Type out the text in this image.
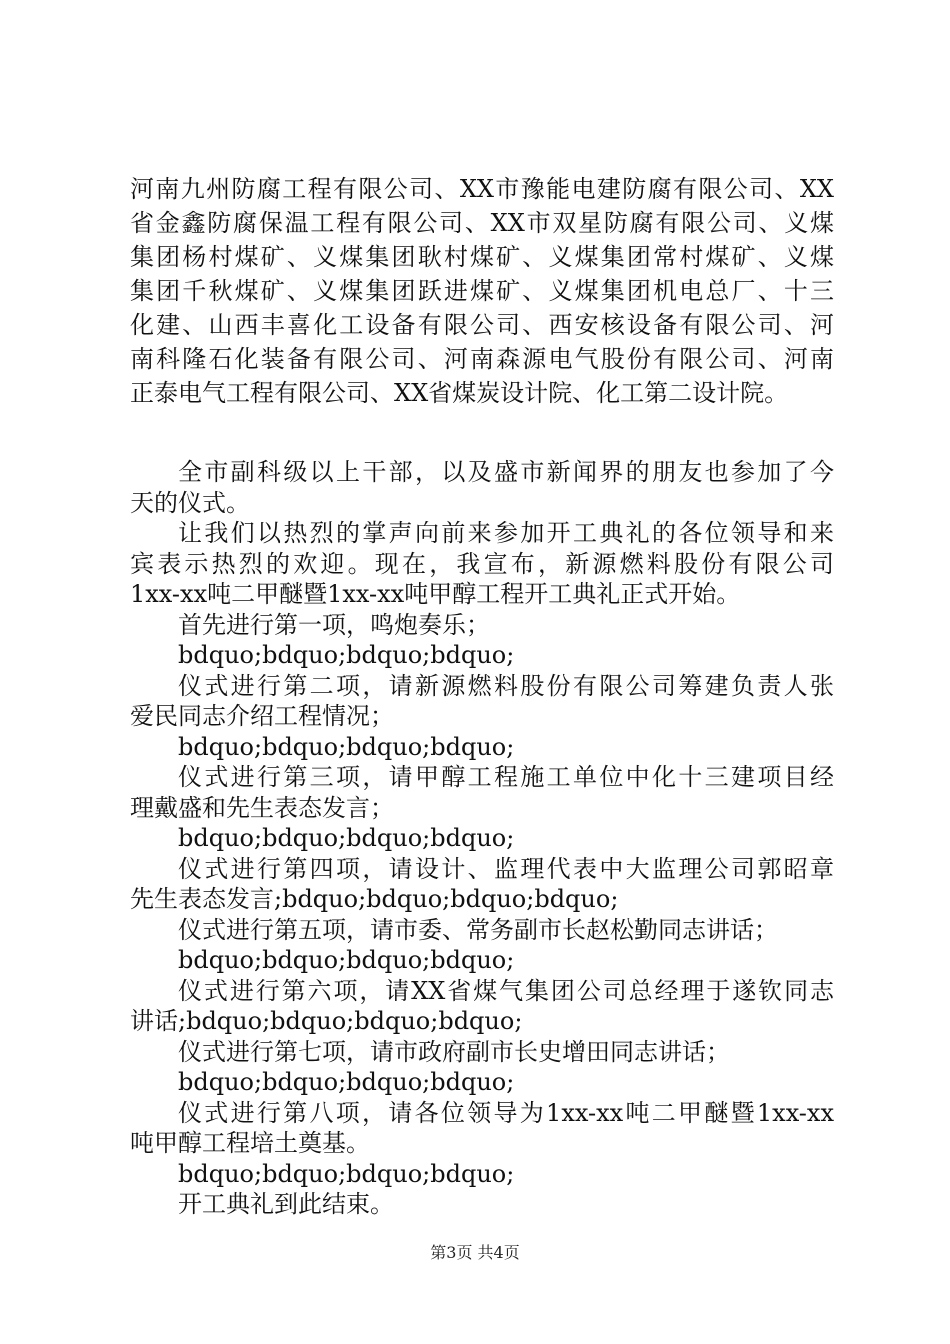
河南九州防腐工程有限公司、XX市豫能电建防腐有限公司、XX
省金鑫防腐保温工程有限公司、XX市双星防腐有限公司、义煤
集团杨村煤矿、义煤集团耿村煤矿、义煤集团常村煤矿、义煤
集团千秋煤矿、义煤集团跃进煤矿、义煤集团机电总厂、十三
化建、山西丰喜化工设备有限公司、西安核设备有限公司、河
南科隆石化装备有限公司、河南森源电气股份有限公司、河南
正泰电气工程有限公司、XX省煤炭设计院、化工第二设计院。
全市副科级以上干部，以及盛市新闻界的朋友也参加了今
天的仪式。
让我们以热烈的掌声向前来参加开工典礼的各位领导和来
宾表示热烈的欢迎。现在，我宣布，新源燃料股份有限公司
1xx-xx吨二甲醚暨1xx-xx吨甲醇工程开工典礼正式开始。
首先进行第一项，鸣炮奏乐；
bdquo;bdquo;bdquo;bdquo;
仪式进行第二项，请新源燃料股份有限公司筹建负责人张
爱民同志介绍工程情况；
bdquo;bdquo;bdquo;bdquo;
仪式进行第三项，请甲醇工程施工单位中化十三建项目经
理戴盛和先生表态发言；
bdquo;bdquo;bdquo;bdquo;
仪式进行第四项，请设计、监理代表中大监理公司郭昭章
先生表态发言;bdquo;bdquo;bdquo;bdquo;
仪式进行第五项，请市委、常务副市长赵松勤同志讲话；
bdquo;bdquo;bdquo;bdquo;
仪式进行第六项，请XX省煤气集团公司总经理于遂钦同志
讲话;bdquo;bdquo;bdquo;bdquo;
仪式进行第七项，请市政府副市长史增田同志讲话；
bdquo;bdquo;bdquo;bdquo;
仪式进行第八项，请各位领导为1xx-xx吨二甲醚暨1xx-xx
吨甲醇工程培土奠基。
bdquo;bdquo;bdquo;bdquo;
开工典礼到此结束。
第3页 共4页
